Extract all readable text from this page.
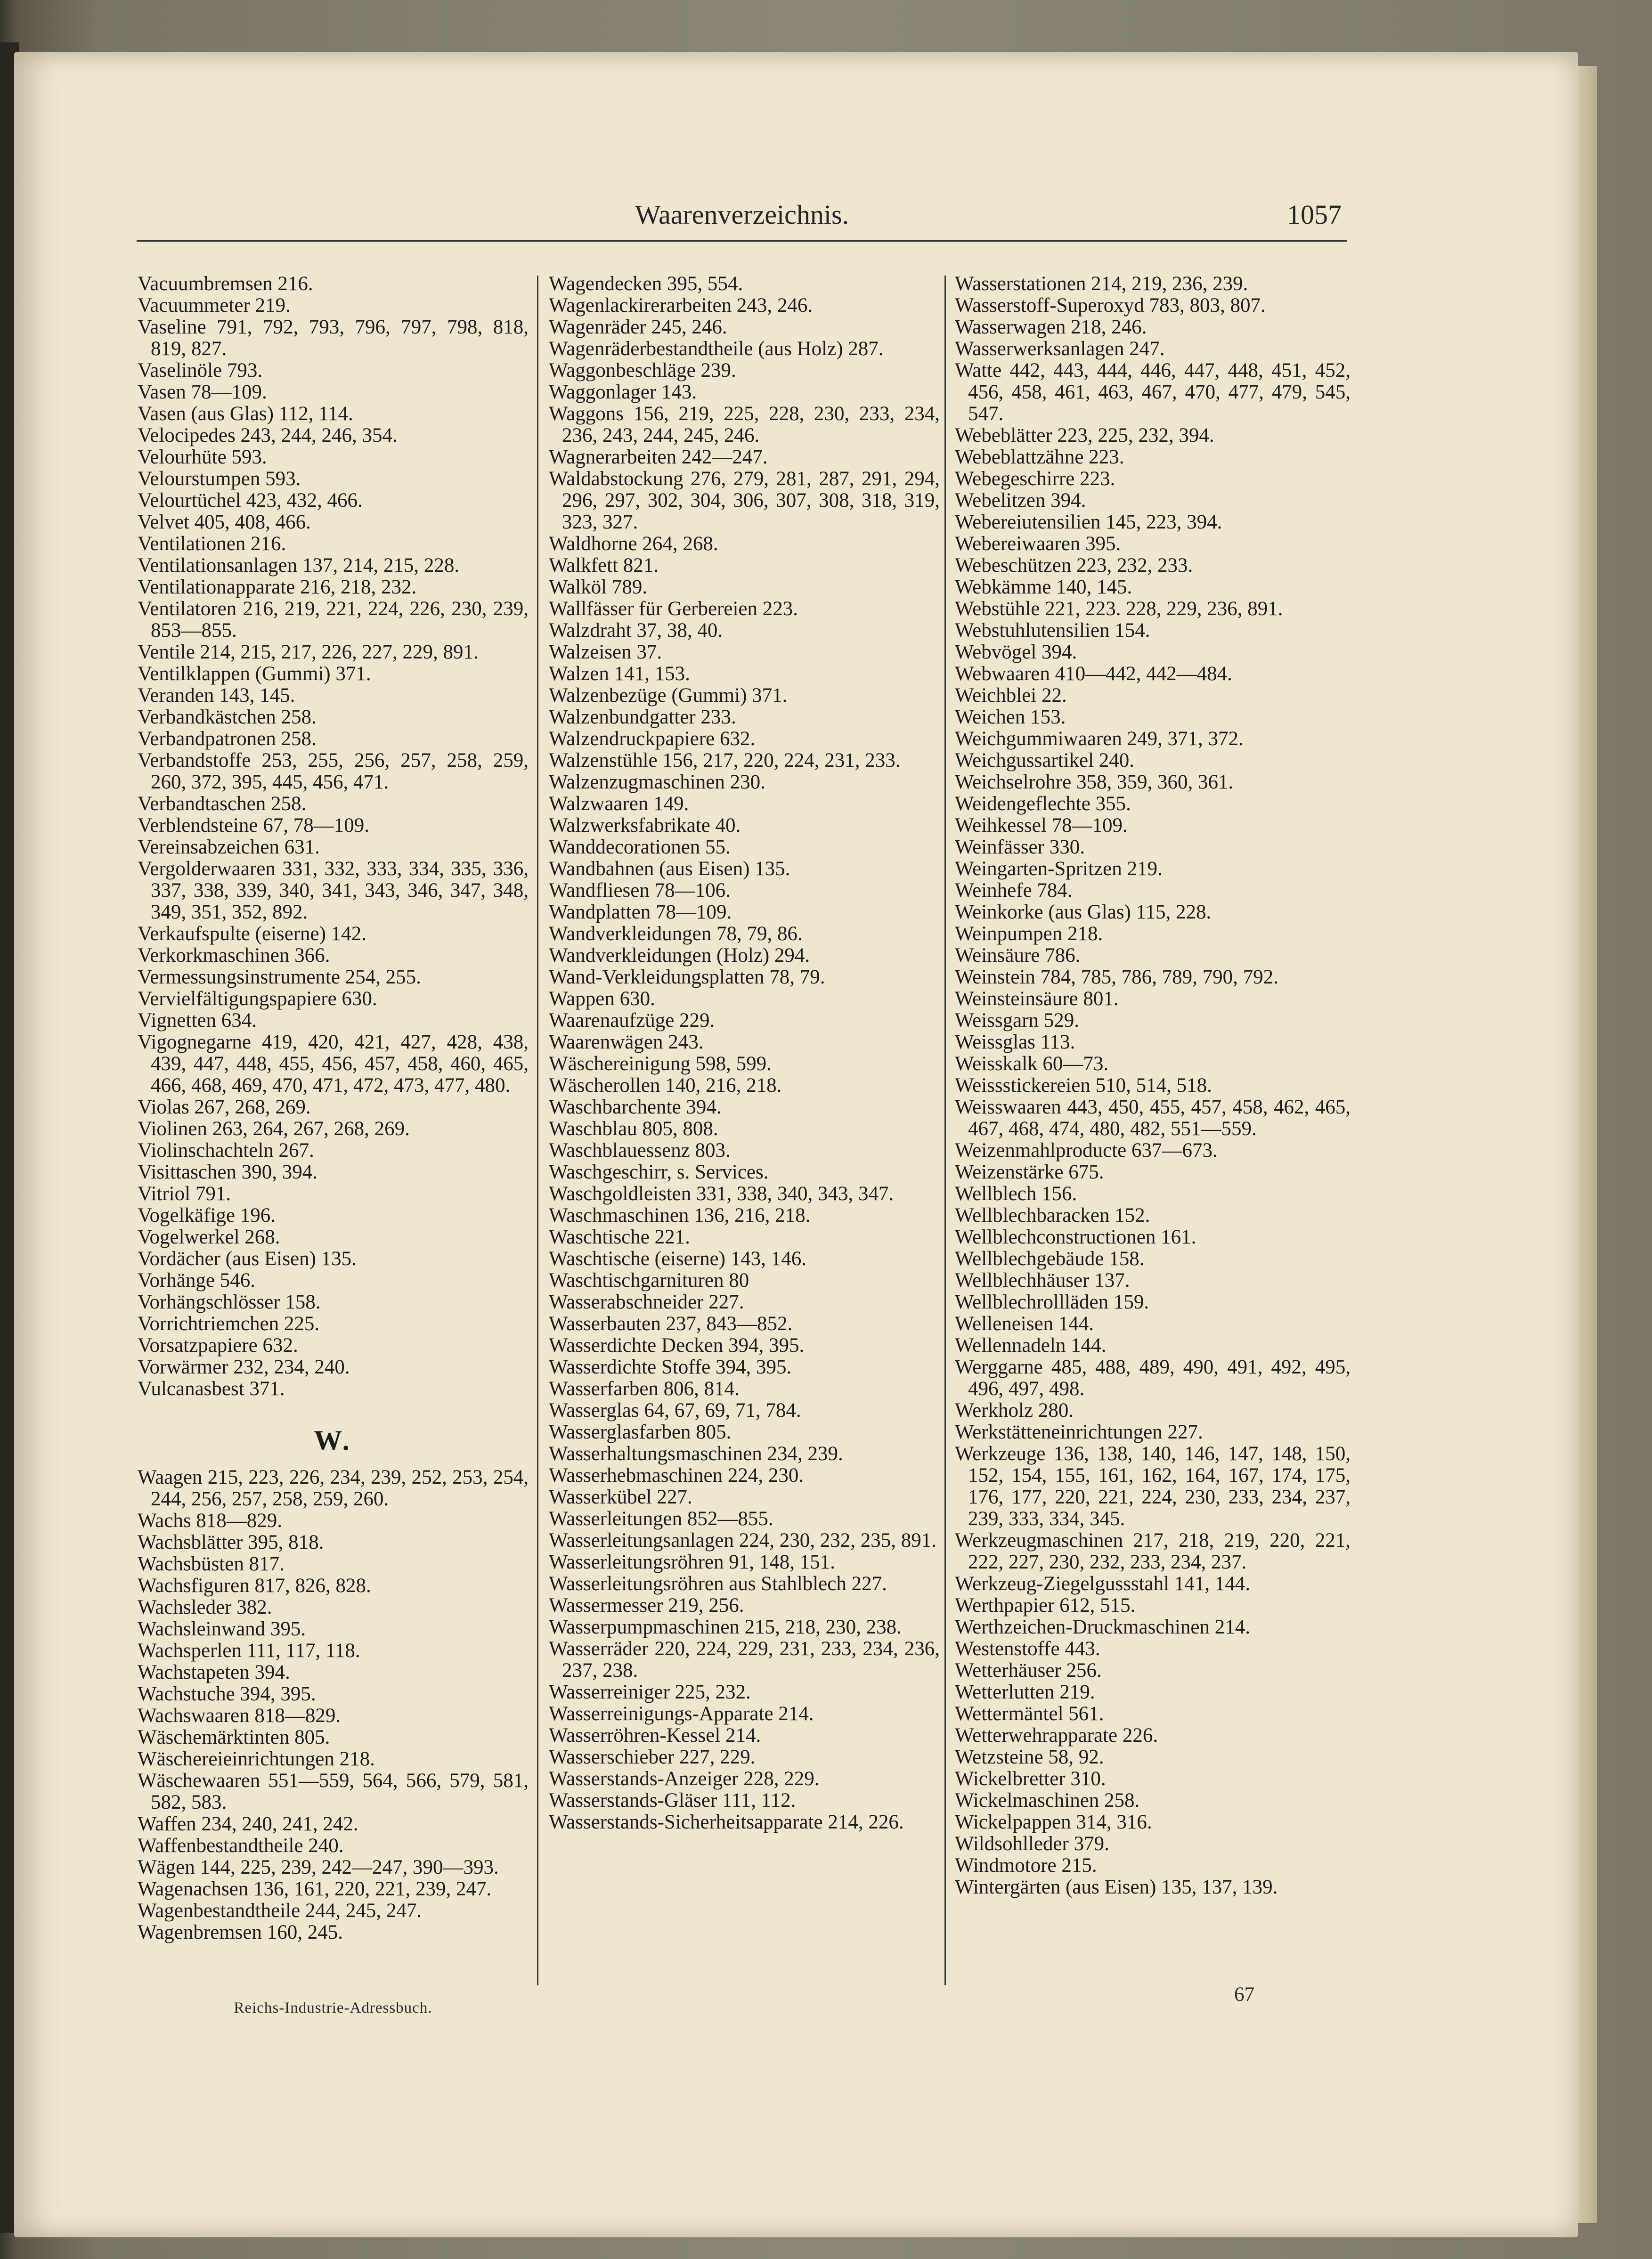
Waarenverzeichnis.	1057
Vacuumbremsen 216.
Vacuummeter 219.
Vaseline 791, 792, 793, 796, 797, 798, 818, 819, 827.
Vaselinöle 793.
Vasen 78—109.
Vasen (aus Glas) 112, 114.
Velocipedes 243, 244, 246, 354.
Velourhüte 593.
Velourstumpen 593.
Velourtüchel 423, 432, 466.
Velvet 405, 408, 466.
Ventilationen 216.
Ventilationsanlagen 137, 214, 215, 228.
Ventilationapparate 216, 218, 232.
Ventilatoren 216, 219, 221, 224, 226, 230, 239, 853—855.
Ventile 214, 215, 217, 226, 227, 229, 891.
Ventilklappen (Gummi) 371.
Veranden 143, 145.
Verbandkästchen 258.
Verbandpatronen 258.
Verbandstoffe 253, 255, 256, 257, 258, 259, 260, 372, 395, 445, 456, 471.
Verbandtaschen 258.
Verblendsteine 67, 78—109.
Vereinsabzeichen 631.
Vergolderwaaren 331, 332, 333, 334, 335, 336, 337, 338, 339, 340, 341, 343, 346, 347, 348, 349, 351, 352, 892.
Verkaufspulte (eiserne) 142.
Verkorkmaschinen 366.
Vermessungsinstrumente 254, 255.
Vervielfältigungspapiere 630.
Vignetten 634.
Vigognegarne 419, 420, 421, 427, 428, 438, 439, 447, 448, 455, 456, 457, 458, 460, 465, 466, 468, 469, 470, 471, 472, 473, 477, 480.
Violas 267, 268, 269.
Violinen 263, 264, 267, 268, 269.
Violinschachteln 267.
Visittaschen 390, 394.
Vitriol 791.
Vogelkäfige 196.
Vogelwerkel 268.
Vordächer (aus Eisen) 135.
Vorhänge 546.
Vorhängschlösser 158.
Vorrichtriemchen 225.
Vorsatzpapiere 632.
Vorwärmer 232, 234, 240.
Vulcanasbest 371.
W.
Waagen 215, 223, 226, 234, 239, 252, 253, 254, 244, 256, 257, 258, 259, 260.
Wachs 818—829.
Wachsblätter 395, 818.
Wachsbüsten 817.
Wachsfiguren 817, 826, 828.
Wachsleder 382.
Wachsleinwand 395.
Wachsperlen 111, 117, 118.
Wachstapeten 394.
Wachstuche 394, 395.
Wachswaaren 818—829.
Wäschemärktinten 805.
Wäschereieinrichtungen 218.
Wäschewaaren 551—559, 564, 566, 579, 581, 582, 583.
Waffen 234, 240, 241, 242.
Waffenbestandtheile 240.
Wägen 144, 225, 239, 242—247, 390—393.
Wagenachsen 136, 161, 220, 221, 239, 247.
Wagenbestandtheile 244, 245, 247.
Wagenbremsen 160, 245.
Wagendecken 395, 554.
Wagenlackirerarbeiten 243, 246.
Wagenräder 245, 246.
Wagenräderbestandtheile (aus Holz) 287.
Waggonbeschläge 239.
Waggonlager 143.
Waggons 156, 219, 225, 228, 230, 233, 234, 236, 243, 244, 245, 246.
Wagnerarbeiten 242—247.
Waldabstockung 276, 279, 281, 287, 291, 294, 296, 297, 302, 304, 306, 307, 308, 318, 319, 323, 327.
Waldhorne 264, 268.
Walkfett 821.
Walköl 789.
Wallfässer für Gerbereien 223.
Walzdraht 37, 38, 40.
Walzeisen 37.
Walzen 141, 153.
Walzenbezüge (Gummi) 371.
Walzenbundgatter 233.
Walzendruckpapiere 632.
Walzenstühle 156, 217, 220, 224, 231, 233.
Walzenzugmaschinen 230.
Walzwaaren 149.
Walzwerksfabrikate 40.
Wanddecorationen 55.
Wandbahnen (aus Eisen) 135.
Wandfliesen 78—106.
Wandplatten 78—109.
Wandverkleidungen 78, 79, 86.
Wandverkleidungen (Holz) 294.
Wand-Verkleidungsplatten 78, 79.
Wappen 630.
Waarenaufzüge 229.
Waarenwägen 243.
Wäschereinigung 598, 599.
Wäscherollen 140, 216, 218.
Waschbarchente 394.
Waschblau 805, 808.
Waschblauessenz 803.
Waschgeschirr, s. Services.
Waschgoldleisten 331, 338, 340, 343, 347.
Waschmaschinen 136, 216, 218.
Waschtische 221.
Waschtische (eiserne) 143, 146.
Waschtischgarnituren 80
Wasserabschneider 227.
Wasserbauten 237, 843—852.
Wasserdichte Decken 394, 395.
Wasserdichte Stoffe 394, 395.
Wasserfarben 806, 814.
Wasserglas 64, 67, 69, 71, 784.
Wasserglasfarben 805.
Wasserhaltungsmaschinen 234, 239.
Wasserhebmaschinen 224, 230.
Wasserkübel 227.
Wasserleitungen 852—855.
Wasserleitungsanlagen 224, 230, 232, 235, 891.
Wasserleitungsröhren 91, 148, 151.
Wasserleitungsröhren aus Stahlblech 227.
Wassermesser 219, 256.
Wasserpumpmaschinen 215, 218, 230, 238.
Wasserräder 220, 224, 229, 231, 233, 234, 236, 237, 238.
Wasserreiniger 225, 232.
Wasserreinigungs-Apparate 214.
Wasserröhren-Kessel 214.
Wasserschieber 227, 229.
Wasserstands-Anzeiger 228, 229.
Wasserstands-Gläser 111, 112.
Wasserstands-Sicherheitsapparate 214, 226.
Wasserstationen 214, 219, 236, 239.
Wasserstoff-Superoxyd 783, 803, 807.
Wasserwagen 218, 246.
Wasserwerksanlagen 247.
Watte 442, 443, 444, 446, 447, 448, 451, 452, 456, 458, 461, 463, 467, 470, 477, 479, 545, 547.
Webeblätter 223, 225, 232, 394.
Webeblattzähne 223.
Webegeschirre 223.
Webelitzen 394.
Webereiutensilien 145, 223, 394.
Webereiwaaren 395.
Webeschützen 223, 232, 233.
Webkämme 140, 145.
Webstühle 221, 223. 228, 229, 236, 891.
Webstuhlutensilien 154.
Webvögel 394.
Webwaaren 410—442, 442—484.
Weichblei 22.
Weichen 153.
Weichgummiwaaren 249, 371, 372.
Weichgussartikel 240.
Weichselrohre 358, 359, 360, 361.
Weidengeflechte 355.
Weihkessel 78—109.
Weinfässer 330.
Weingarten-Spritzen 219.
Weinhefe 784.
Weinkorke (aus Glas) 115, 228.
Weinpumpen 218.
Weinsäure 786.
Weinstein 784, 785, 786, 789, 790, 792.
Weinsteinsäure 801.
Weissgarn 529.
Weissglas 113.
Weisskalk 60—73.
Weissstickereien 510, 514, 518.
Weisswaaren 443, 450, 455, 457, 458, 462, 465, 467, 468, 474, 480, 482, 551—559.
Weizenmahlproducte 637—673.
Weizenstärke 675.
Wellblech 156.
Wellblechbaracken 152.
Wellblechconstructionen 161.
Wellblechgebäude 158.
Wellblechhäuser 137.
Wellblechrollläden 159.
Welleneisen 144.
Wellennadeln 144.
Werggarne 485, 488, 489, 490, 491, 492, 495, 496, 497, 498.
Werkholz 280.
Werkstätteneinrichtungen 227.
Werkzeuge 136, 138, 140, 146, 147, 148, 150, 152, 154, 155, 161, 162, 164, 167, 174, 175, 176, 177, 220, 221, 224, 230, 233, 234, 237, 239, 333, 334, 345.
Werkzeugmaschinen 217, 218, 219, 220, 221, 222, 227, 230, 232, 233, 234, 237.
Werkzeug-Ziegelgussstahl 141, 144.
Werthpapier 612, 515.
Werthzeichen-Druckmaschinen 214.
Westenstoffe 443.
Wetterhäuser 256.
Wetterlutten 219.
Wettermäntel 561.
Wetterwehrapparate 226.
Wetzsteine 58, 92.
Wickelbretter 310.
Wickelmaschinen 258.
Wickelpappen 314, 316.
Wildsohlleder 379.
Windmotore 215.
Wintergärten (aus Eisen) 135, 137, 139.
Reichs-Industrie-Adressbuch.
67
